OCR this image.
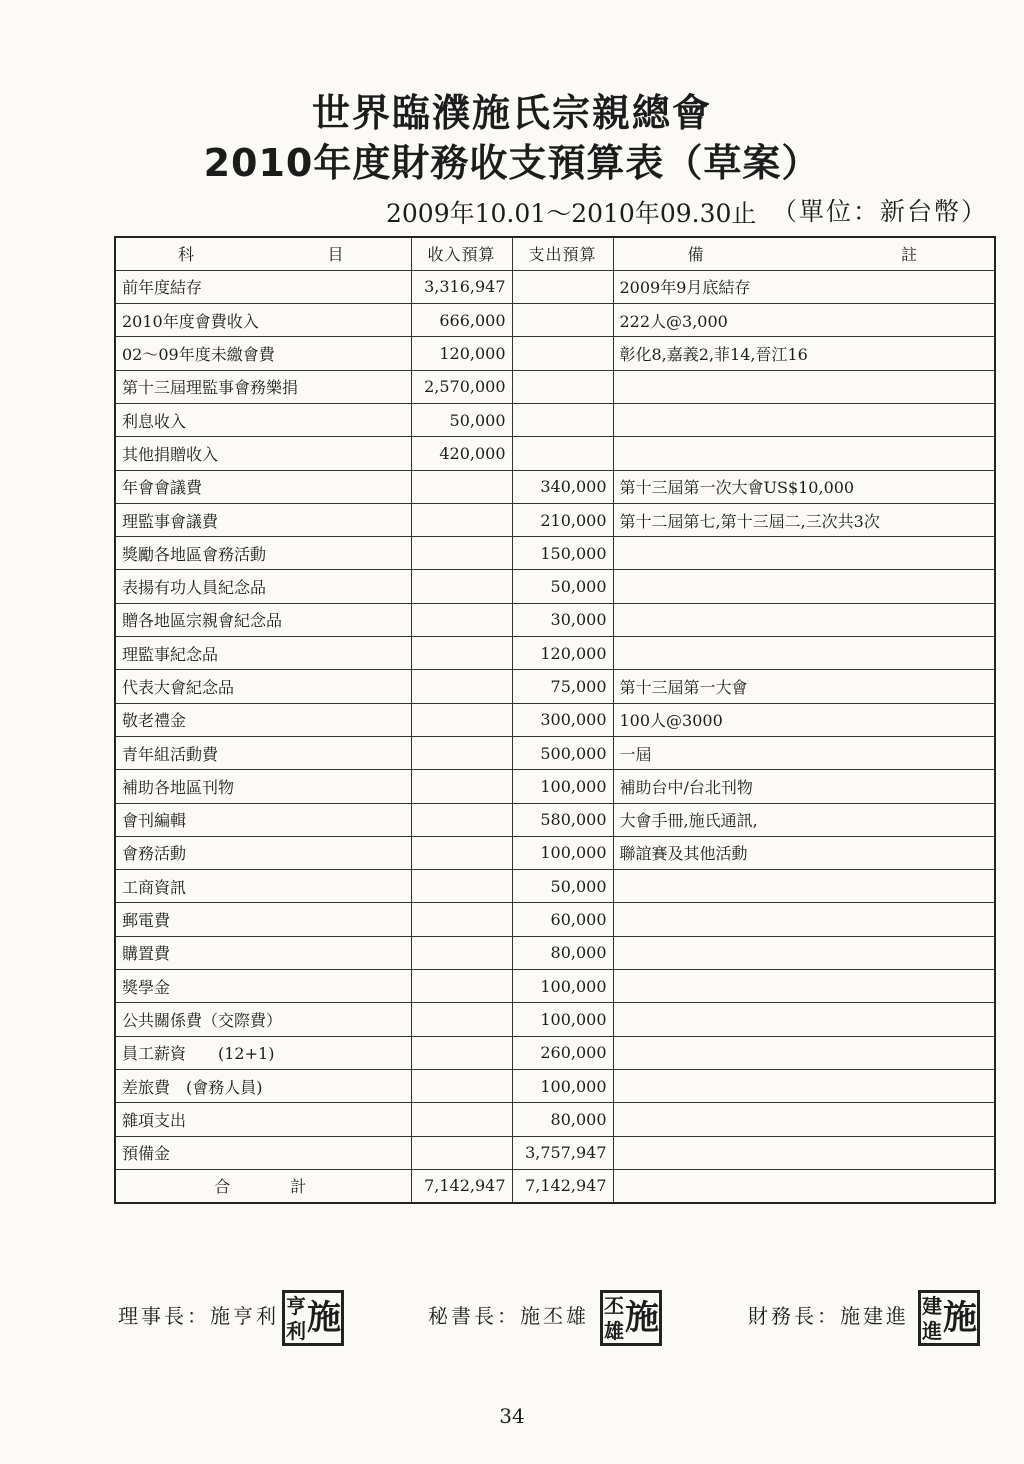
世界臨濮施氏宗親總會
2010年度財務收支預算表（草案）
2009年10.01～2010年09.30止 （單位：新台幣）
科 目	收入預算	支出預算	備 註

前年度結存	3,316,947		2009年9月底結存
2010年度會費收入	666,000		222人@3,000
02～09年度未繳會費	120,000		彰化8,嘉義2,菲14,晉江16
第十三屆理監事會務樂捐	2,570,000		
利息收入	50,000		
其他捐贈收入	420,000		
年會會議費		340,000	第十三屆第一次大會US$10,000
理監事會議費		210,000	第十二屆第七,第十三屆二,三次共3次
獎勵各地區會務活動		150,000	
表揚有功人員紀念品		50,000	
贈各地區宗親會紀念品		30,000	
理監事紀念品		120,000	
代表大會紀念品		75,000	第十三屆第一大會
敬老禮金		300,000	100人@3000
青年組活動費		500,000	一屆
補助各地區刊物		100,000	補助台中/台北刊物
會刊編輯		580,000	大會手冊,施氏通訊,
會務活動		100,000	聯誼賽及其他活動
工商資訊		50,000	
郵電費		60,000	
購置費		80,000	
獎學金		100,000	
公共關係費（交際費）		100,000	
員工薪資　　(12+1)		260,000	
差旅費　(會務人員)		100,000	
雜項支出		80,000	
預備金		3,757,947	
合計	7,142,947	7,142,947	
理事長：施亨利 亨 施
利
秘書長：施丕雄 丕 施
雄
財務長：施建進 建 施
進
34
